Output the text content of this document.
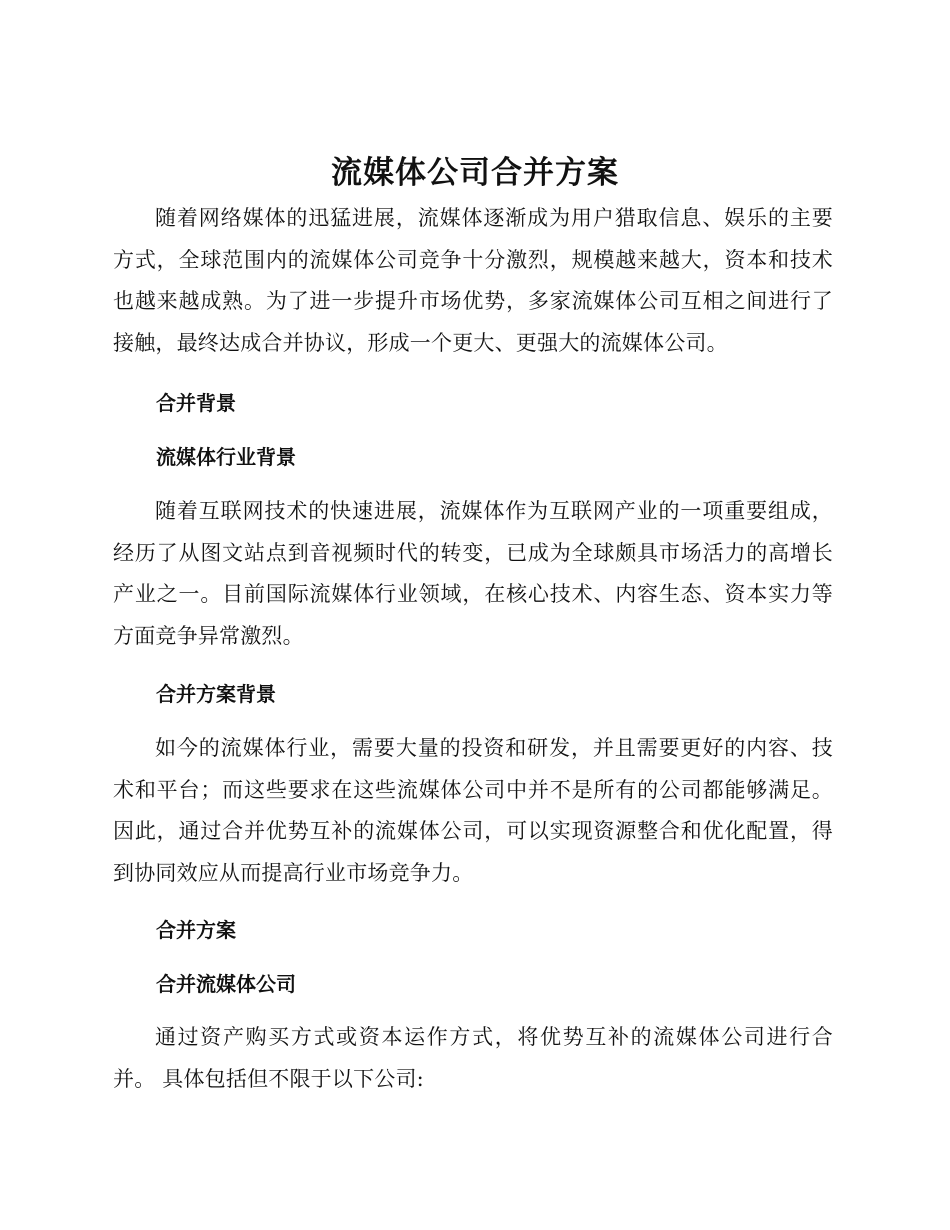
流媒体公司合并方案

随着网络媒体的迅猛进展，流媒体逐渐成为用户猎取信息、娱乐的主要方式，全球范围内的流媒体公司竞争十分激烈，规模越来越大，资本和技术也越来越成熟。为了进一步提升市场优势，多家流媒体公司互相之间进行了接触，最终达成合并协议，形成一个更大、更强大的流媒体公司。

合并背景
流媒体行业背景

随着互联网技术的快速进展，流媒体作为互联网产业的一项重要组成，经历了从图文站点到音视频时代的转变，已成为全球颇具市场活力的高增长产业之一。目前国际流媒体行业领域，在核心技术、内容生态、资本实力等方面竞争异常激烈。

合并方案背景

如今的流媒体行业，需要大量的投资和研发，并且需要更好的内容、技术和平台；而这些要求在这些流媒体公司中并不是所有的公司都能够满足。因此，通过合并优势互补的流媒体公司，可以实现资源整合和优化配置，得到协同效应从而提高行业市场竞争力。

合并方案
合并流媒体公司

通过资产购买方式或资本运作方式，将优势互补的流媒体公司进行合并。 具体包括但不限于以下公司:
